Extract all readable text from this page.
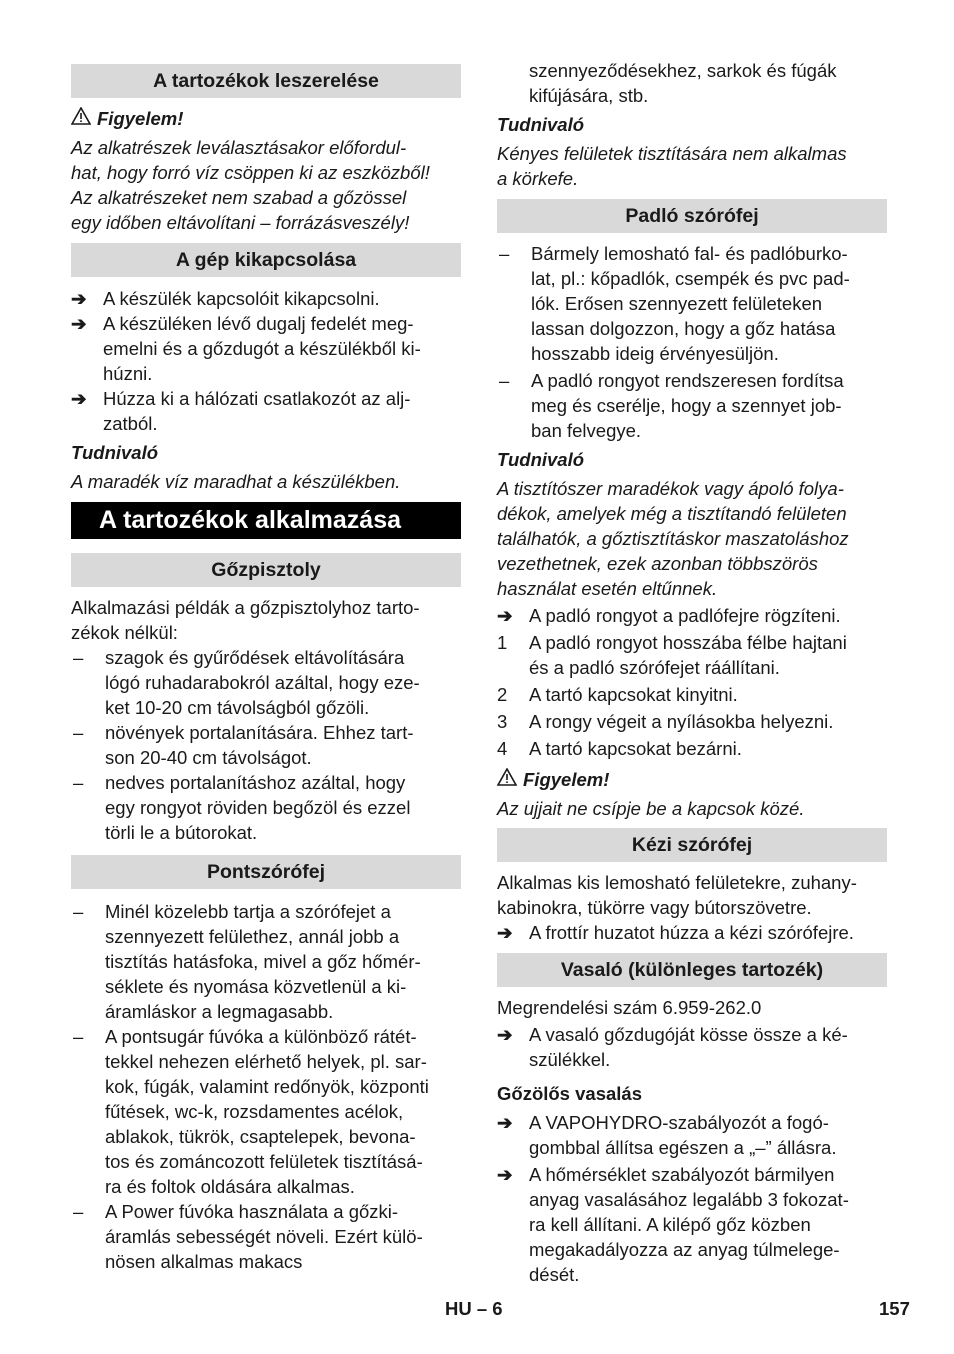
A tartozékok leszerelése
Figyelem!

Az alkatrészek leválasztásakor előfordul-

hat, hogy forró víz csöppen ki az eszközből!

Az alkatrészeket nem szabad a gőzössel

egy időben eltávolítani – forrázásveszély!

A gép kikapcsolása
➔ A készülék kapcsolóit kikapcsolni.

➔ A készüléken lévő dugalj fedelét meg-

emelni és a gőzdugót a készülékből ki-

húzni.

➔ Húzza ki a hálózati csatlakozót az alj-

zatból.

Tudnivaló

A maradék víz maradhat a készülékben.

A tartozékok alkalmazása
Gőzpisztoly

Alkalmazási példák a gőzpisztolyhoz tarto-

zékok nélkül:

–	szagok és gyűrődések eltávolítására

lógó ruhadarabokról azáltal, hogy eze-

ket 10-20 cm távolságból gőzöli.

–	növények portalanítására. Ehhez tart-

son 20-40 cm távolságot.

–	nedves portalanításhoz azáltal, hogy

egy rongyot röviden begőzöl és ezzel

törli le a bútorokat.

Pontszórófej
–	Minél közelebb tartja a szórófejet a

szennyezett felülethez, annál jobb a

tisztítás hatásfoka, mivel a gőz hőmér-

séklete és nyomása közvetlenül a ki-

áramláskor a legmagasabb.

–	A pontsugár fúvóka a különböző rátét-

tekkel nehezen elérhető helyek, pl. sar-

kok, fúgák, valamint redőnyök, központi

fűtések, wc-k, rozsdamentes acélok,

ablakok, tükrök, csaptelepek, bevona-

tos és zománcozott felületek tisztításá-

ra és foltok oldására alkalmas.

–	A Power fúvóka használata a gőzki-

áramlás sebességét növeli. Ezért külö-

nösen alkalmas makacs

szennyeződésekhez, sarkok és fúgák

kifújására, stb.

Tudnivaló

Kényes felületek tisztítására nem alkalmas

a körkefe.

Padló szórófej
–	Bármely lemosható fal- és padlóburko-

lat, pl.: kőpadlók, csempék és pvc pad-

lók. Erősen szennyezett felületeken

lassan dolgozzon, hogy a gőz hatása

hosszabb ideig érvényesüljön.

–	A padló rongyot rendszeresen fordítsa

meg és cserélje, hogy a szennyet job-

ban felvegye.

Tudnivaló

A tisztítószer maradékok vagy ápoló folya-

dékok, amelyek még a tisztítandó felületen

találhatók, a gőztisztításkor maszatoláshoz

vezethetnek, ezek azonban többszörös

használat esetén eltűnnek.

➔ A padló rongyot a padlófejre rögzíteni.

1	A padló rongyot hosszába félbe hajtani

és a padló szórófejet ráállítani.

2	A tartó kapcsokat kinyitni.

3	A rongy végeit a nyílásokba helyezni.

4	A tartó kapcsokat bezárni.

Figyelem!

Az ujjait ne csípje be a kapcsok közé.

Kézi szórófej

Alkalmas kis lemosható felületekre, zuhany-

kabinokra, tükörre vagy bútorszövetre.

➔ A frottír huzatot húzza a kézi szórófejre.

Vasaló (különleges tartozék)

Megrendelési szám 6.959-262.0

➔ A vasaló gőzdugóját kösse össze a ké-

szülékkel.

Gőzölős vasalás

➔ A VAPOHYDRO-szabályozót a fogó-

gombbal állítsa egészen a „–” állásra.

➔ A hőmérséklet szabályozót bármilyen

anyag vasalásához legalább 3 fokozat-

ra kell állítani. A kilépő gőz közben

megakadályozza az anyag túlmelege-

dését.

HU – 6	157
